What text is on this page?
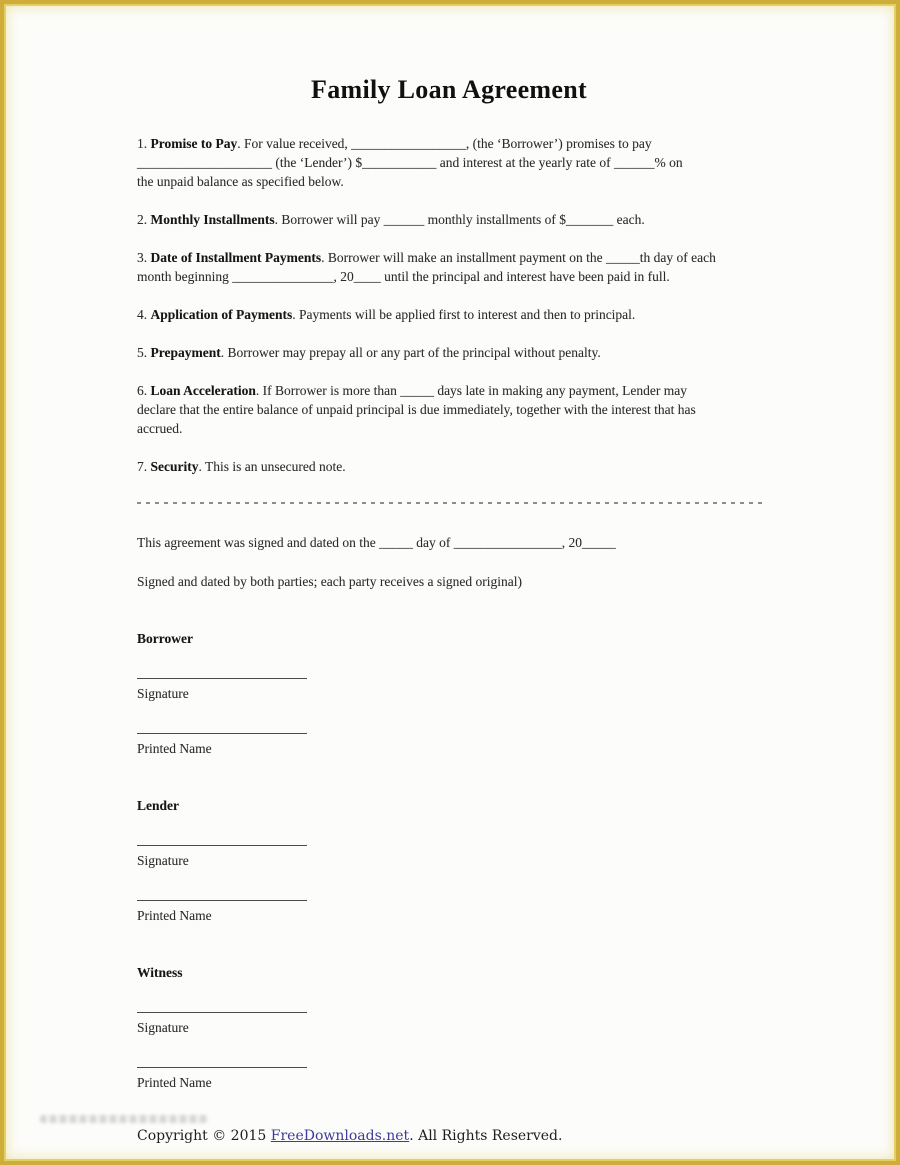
Family Loan Agreement
1. Promise to Pay. For value received, _________________, (the ‘Borrower’) promises to pay
____________________ (the ‘Lender’) $___________ and interest at the yearly rate of ______% on
the unpaid balance as specified below.
2. Monthly Installments. Borrower will pay ______ monthly installments of $_______ each.
3. Date of Installment Payments. Borrower will make an installment payment on the _____th day of each
month beginning _______________, 20____ until the principal and interest have been paid in full.
4. Application of Payments. Payments will be applied first to interest and then to principal.
5. Prepayment. Borrower may prepay all or any part of the principal without penalty.
6. Loan Acceleration. If Borrower is more than _____ days late in making any payment, Lender may
declare that the entire balance of unpaid principal is due immediately, together with the interest that has
accrued.
7. Security. This is an unsecured note.
This agreement was signed and dated on the _____ day of ________________, 20_____
Signed and dated by both parties; each party receives a signed original)
Borrower
Signature
Printed Name
Lender
Signature
Printed Name
Witness
Signature
Printed Name
Copyright © 2015 FreeDownloads.net. All Rights Reserved.
